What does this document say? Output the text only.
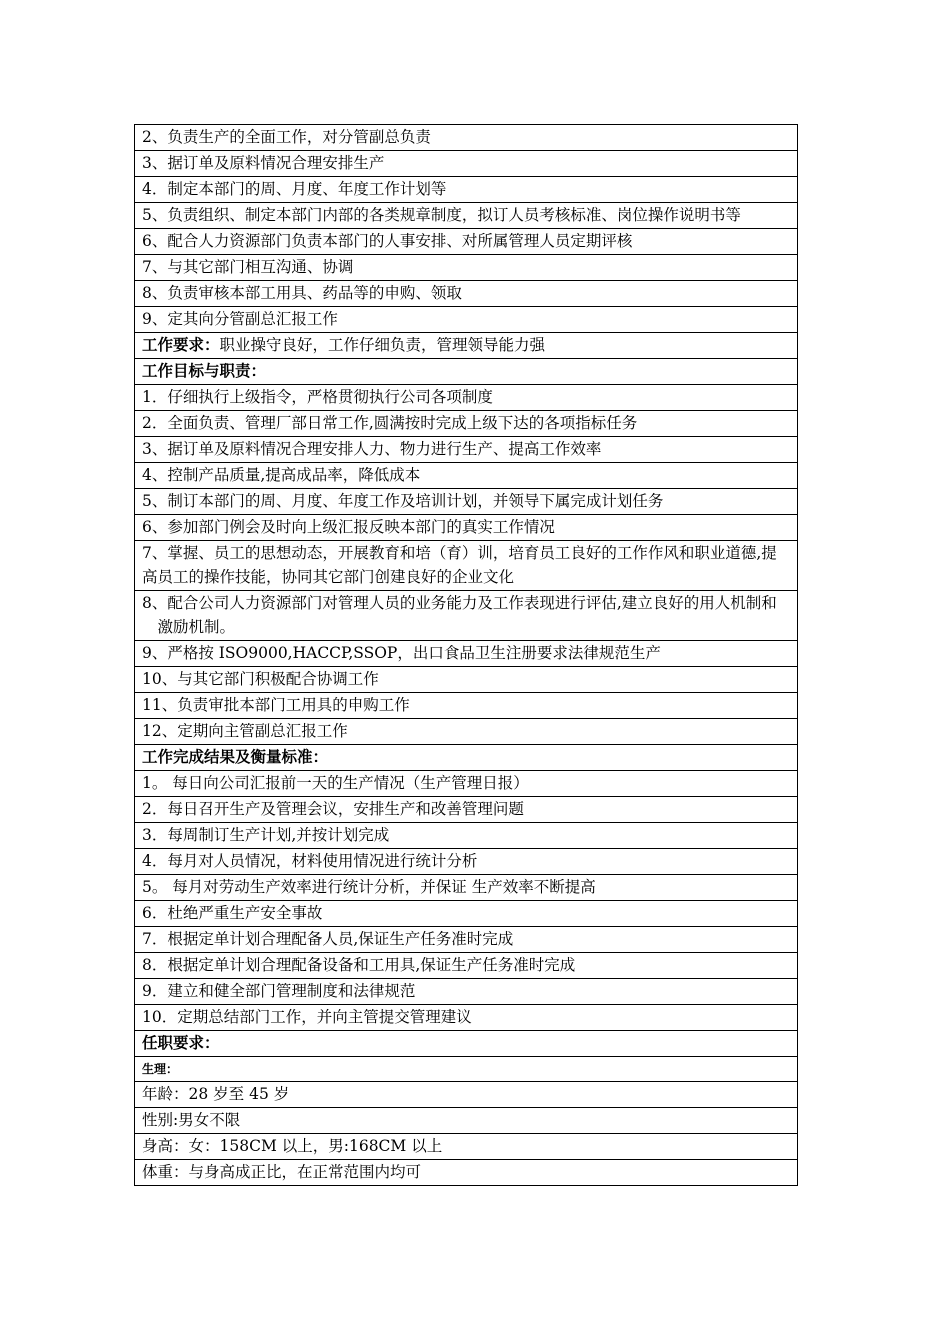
2、负责生产的全面工作，对分管副总负责
3、据订单及原料情况合理安排生产
4．制定本部门的周、月度、年度工作计划等
5、负责组织、制定本部门内部的各类规章制度，拟订人员考核标准、岗位操作说明书等
6、配合人力资源部门负责本部门的人事安排、对所属管理人员定期评核
7、与其它部门相互沟通、协调
8、负责审核本部工用具、药品等的申购、领取
9、定其向分管副总汇报工作
工作要求：职业操守良好，工作仔细负责，管理领导能力强
工作目标与职责：
1．仔细执行上级指令，严格贯彻执行公司各项制度
2．全面负责、管理厂部日常工作,圆满按时完成上级下达的各项指标任务
3、据订单及原料情况合理安排人力、物力进行生产、提高工作效率
4、控制产品质量,提高成品率，降低成本
5、制订本部门的周、月度、年度工作及培训计划，并领导下属完成计划任务
6、参加部门例会及时向上级汇报反映本部门的真实工作情况
7、掌握、员工的思想动态，开展教育和培（育）训，培育员工良好的工作作风和职业道德,提高员工的操作技能，协同其它部门创建良好的企业文化

8、配合公司人力资源部门对管理人员的业务能力及工作表现进行评估,建立良好的用人机制和激励机制。

9、严格按 ISO9000,HACCP,SSOP，出口食品卫生注册要求法律规范生产

10、与其它部门积极配合协调工作
11、负责审批本部门工用具的申购工作
12、定期向主管副总汇报工作
工作完成结果及衡量标准：
1。 每日向公司汇报前一天的生产情况（生产管理日报）
2．每日召开生产及管理会议，安排生产和改善管理问题
3．每周制订生产计划,并按计划完成
4．每月对人员情况，材料使用情况进行统计分析
5。 每月对劳动生产效率进行统计分析，并保证 生产效率不断提高
6．杜绝严重生产安全事故
7．根据定单计划合理配备人员,保证生产任务准时完成
8．根据定单计划合理配备设备和工用具,保证生产任务准时完成
9．建立和健全部门管理制度和法律规范
10．定期总结部门工作，并向主管提交管理建议
任职要求：
生理：
年龄：28 岁至 45 岁
性别:男女不限
身高：女：158CM 以上，男:168CM 以上
体重：与身高成正比，在正常范围内均可
